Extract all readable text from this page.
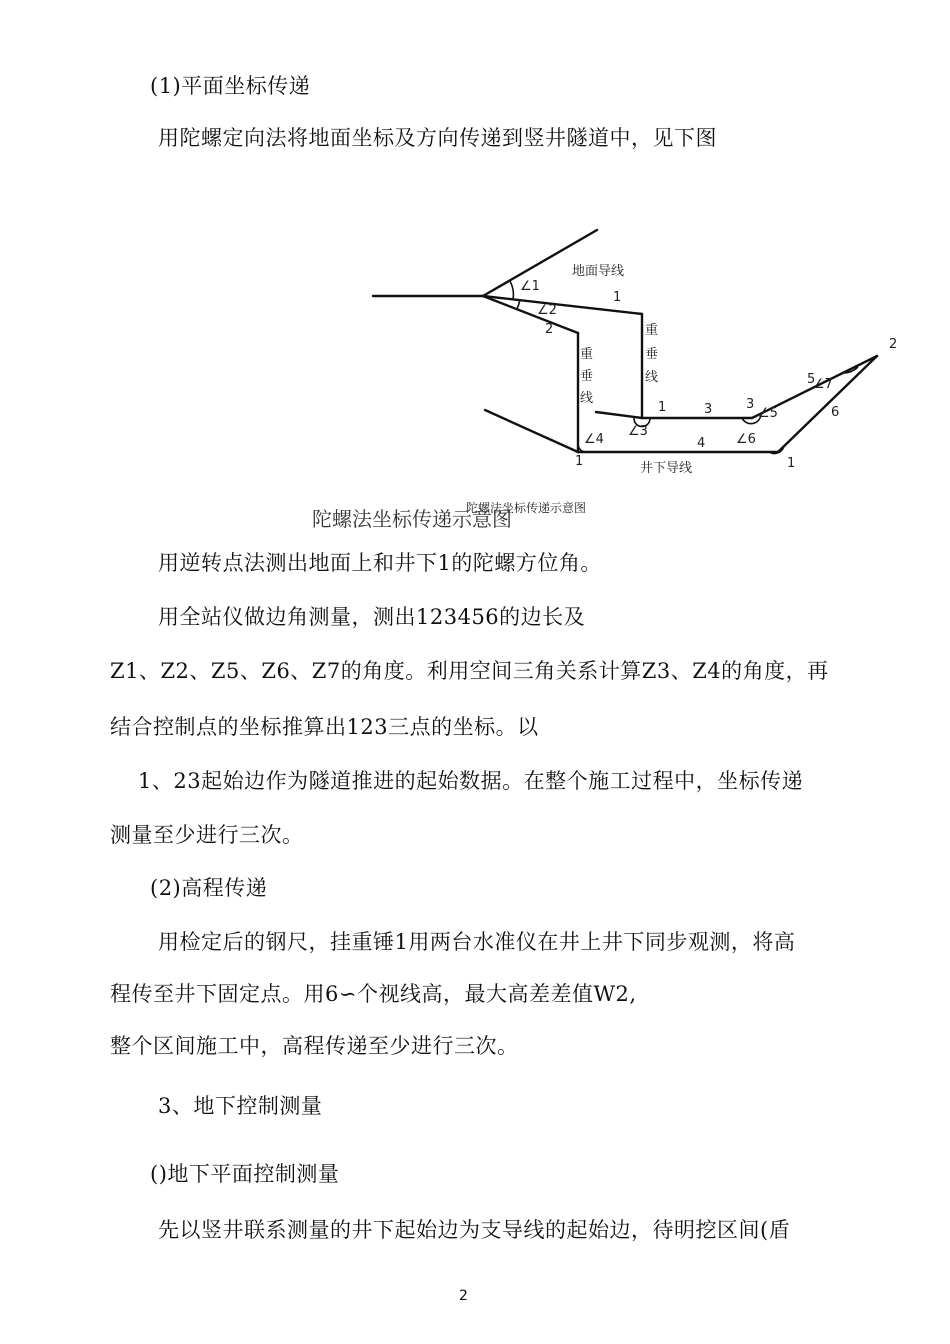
(1)平面坐标传递
用陀螺定向法将地面坐标及方向传递到竖井隧道中，见下图
地面导线
∠1
1
∠2
2	重
垂
线
重
垂
线
1	3	3
∠5
∠3
∠4	4 ∠6
1	井下导线	1
5
∠7
6
2
陀螺法坐标传递示意图
陀螺法坐标传递示意图
用逆转点法测出地面上和井下1的陀螺方位角。
用全站仪做边角测量，测出123456的边长及
Z1、Z2、Z5、Z6、Z7的角度。利用空间三角关系计算Z3、Z4的角度，再
结合控制点的坐标推算出123三点的坐标。以
1、23起始边作为隧道推进的起始数据。在整个施工过程中，坐标传递
测量至少进行三次。
(2)高程传递
用检定后的钢尺，挂重锤1用两台水准仪在井上井下同步观测，将高
程传至井下固定点。用6∽个视线高，最大高差差值W2,
整个区间施工中，高程传递至少进行三次。
3、地下控制测量
()地下平面控制测量
先以竖井联系测量的井下起始边为支导线的起始边，待明挖区间(盾
2
